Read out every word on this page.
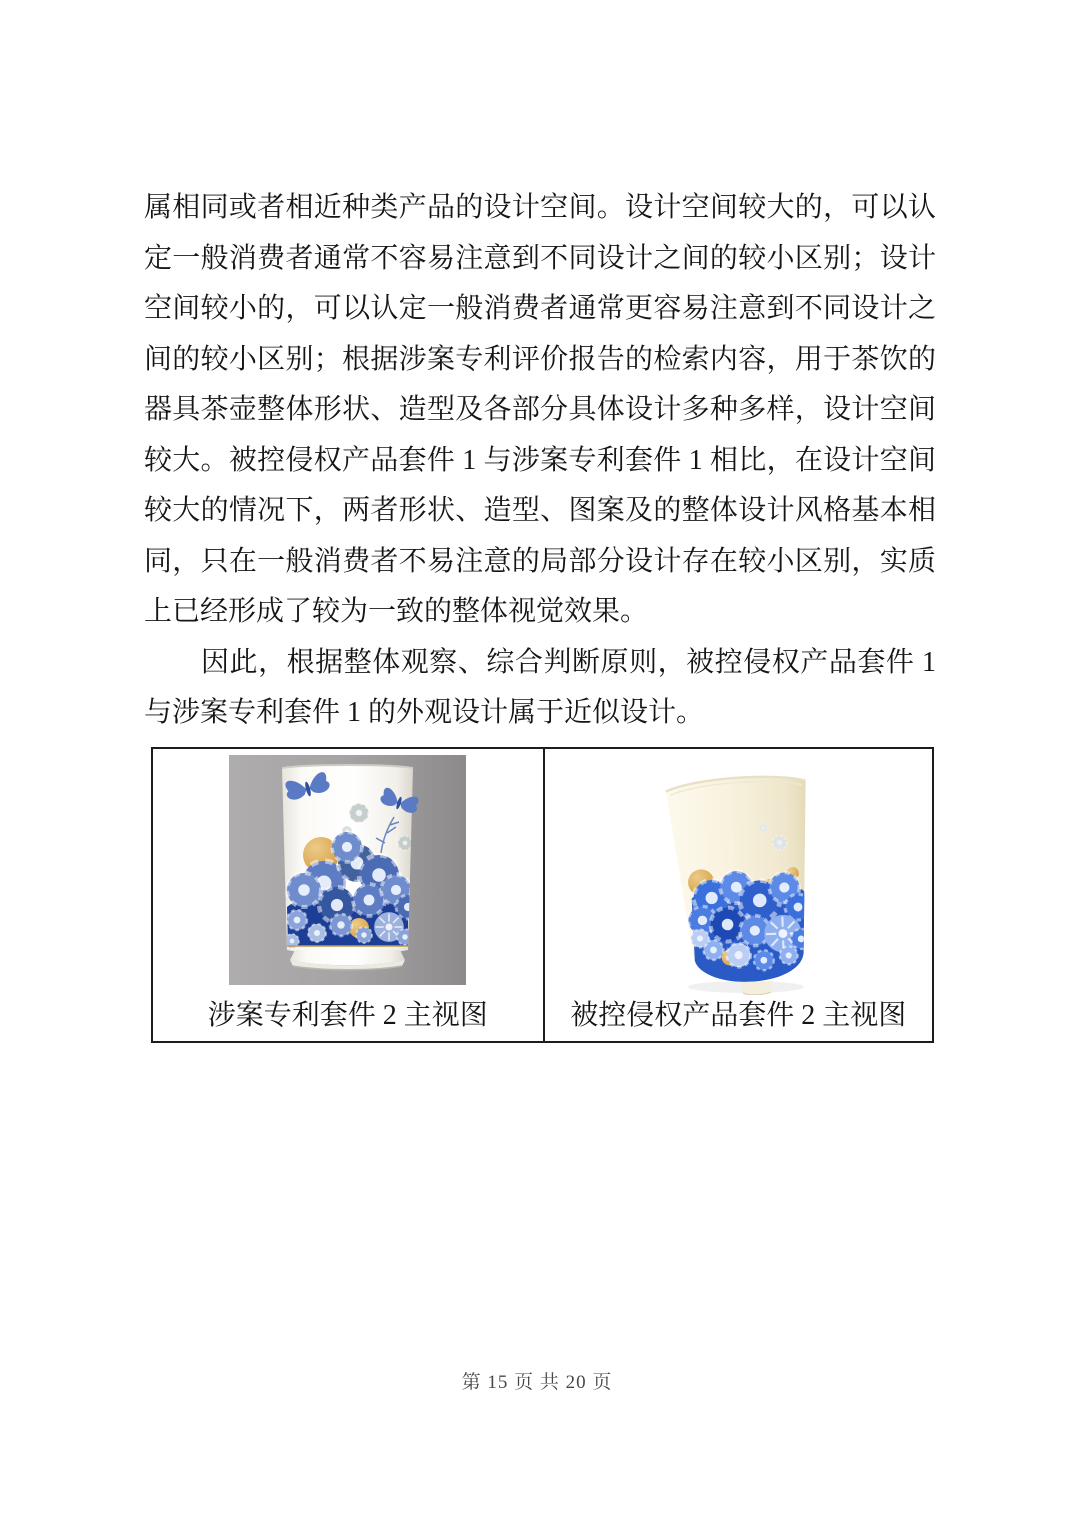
属相同或者相近种类产品的设计空间。设计空间较大的，可以认
定一般消费者通常不容易注意到不同设计之间的较小区别；设计
空间较小的，可以认定一般消费者通常更容易注意到不同设计之
间的较小区别；根据涉案专利评价报告的检索内容，用于茶饮的
器具茶壶整体形状、造型及各部分具体设计多种多样，设计空间
较大。被控侵权产品套件 1 与涉案专利套件 1 相比，在设计空间
较大的情况下，两者形状、造型、图案及的整体设计风格基本相
同，只在一般消费者不易注意的局部分设计存在较小区别，实质
上已经形成了较为一致的整体视觉效果。
因此，根据整体观察、综合判断原则，被控侵权产品套件 1
与涉案专利套件 1 的外观设计属于近似设计。
涉案专利套件 2 主视图	被控侵权产品套件 2 主视图
第 15 页 共 20 页
